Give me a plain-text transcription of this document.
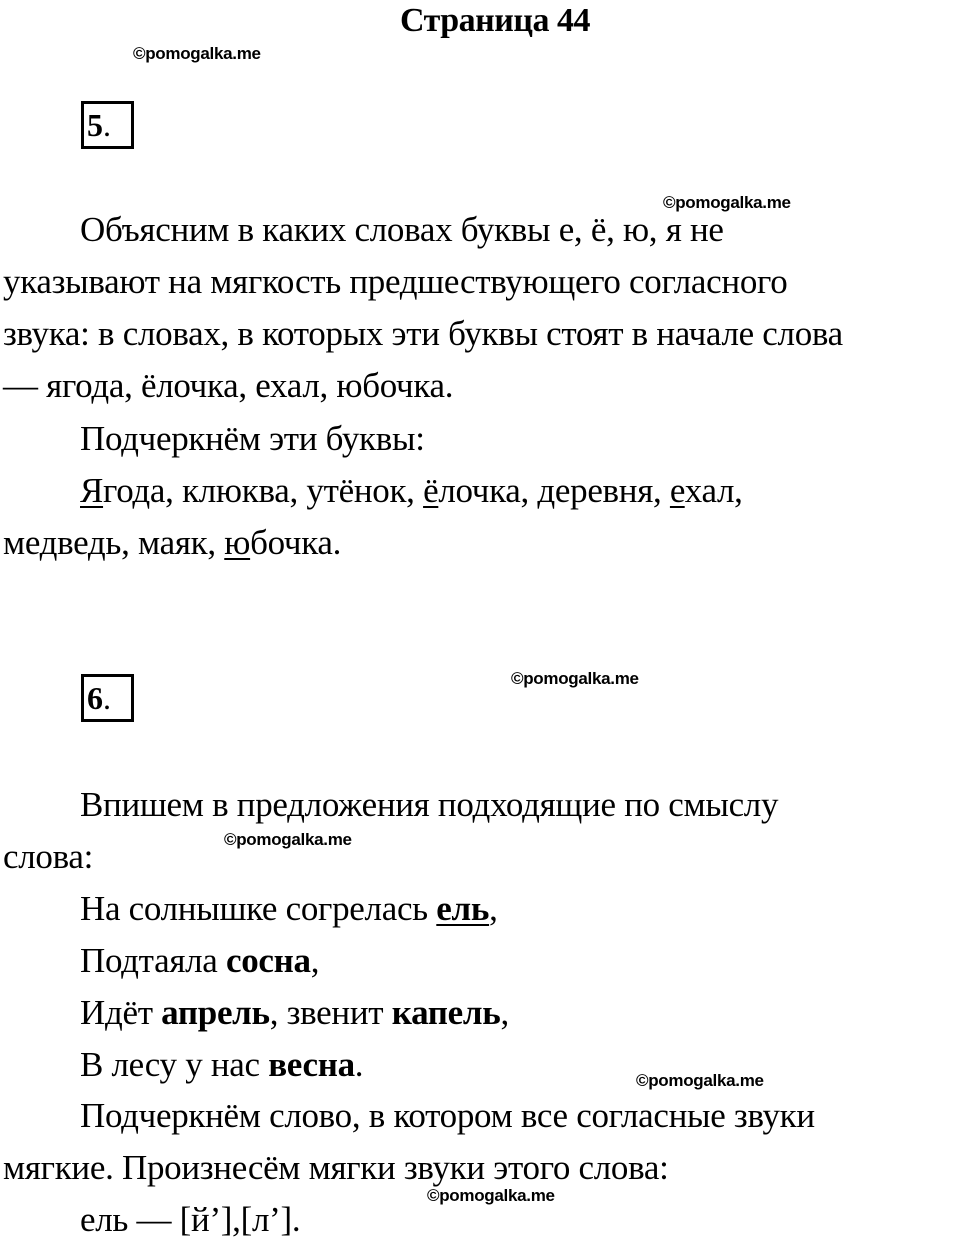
Страница 44
©pomogalka.me
5.
©pomogalka.me
Объясним в каких словах буквы е, ё, ю, я не
указывают на мягкость предшествующего согласного
звука: в словах, в которых эти буквы стоят в начале слова
— ягода, ёлочка, ехал, юбочка.
Подчеркнём эти буквы:
Ягода, клюква, утёнок, ёлочка, деревня, ехал,
медведь, маяк, юбочка.
6.
©pomogalka.me
Впишем в предложения подходящие по смыслу
©pomogalka.me
слова:
На солнышке согрелась ель,
Подтаяла сосна,
Идёт апрель, звенит капель,
В лесу у нас весна.	©pomogalka.me
Подчеркнём слово, в котором все согласные звуки
мягкие. Произнесём мягки звуки этого слова:
©pomogalka.me
ель — [й’],[л’].
